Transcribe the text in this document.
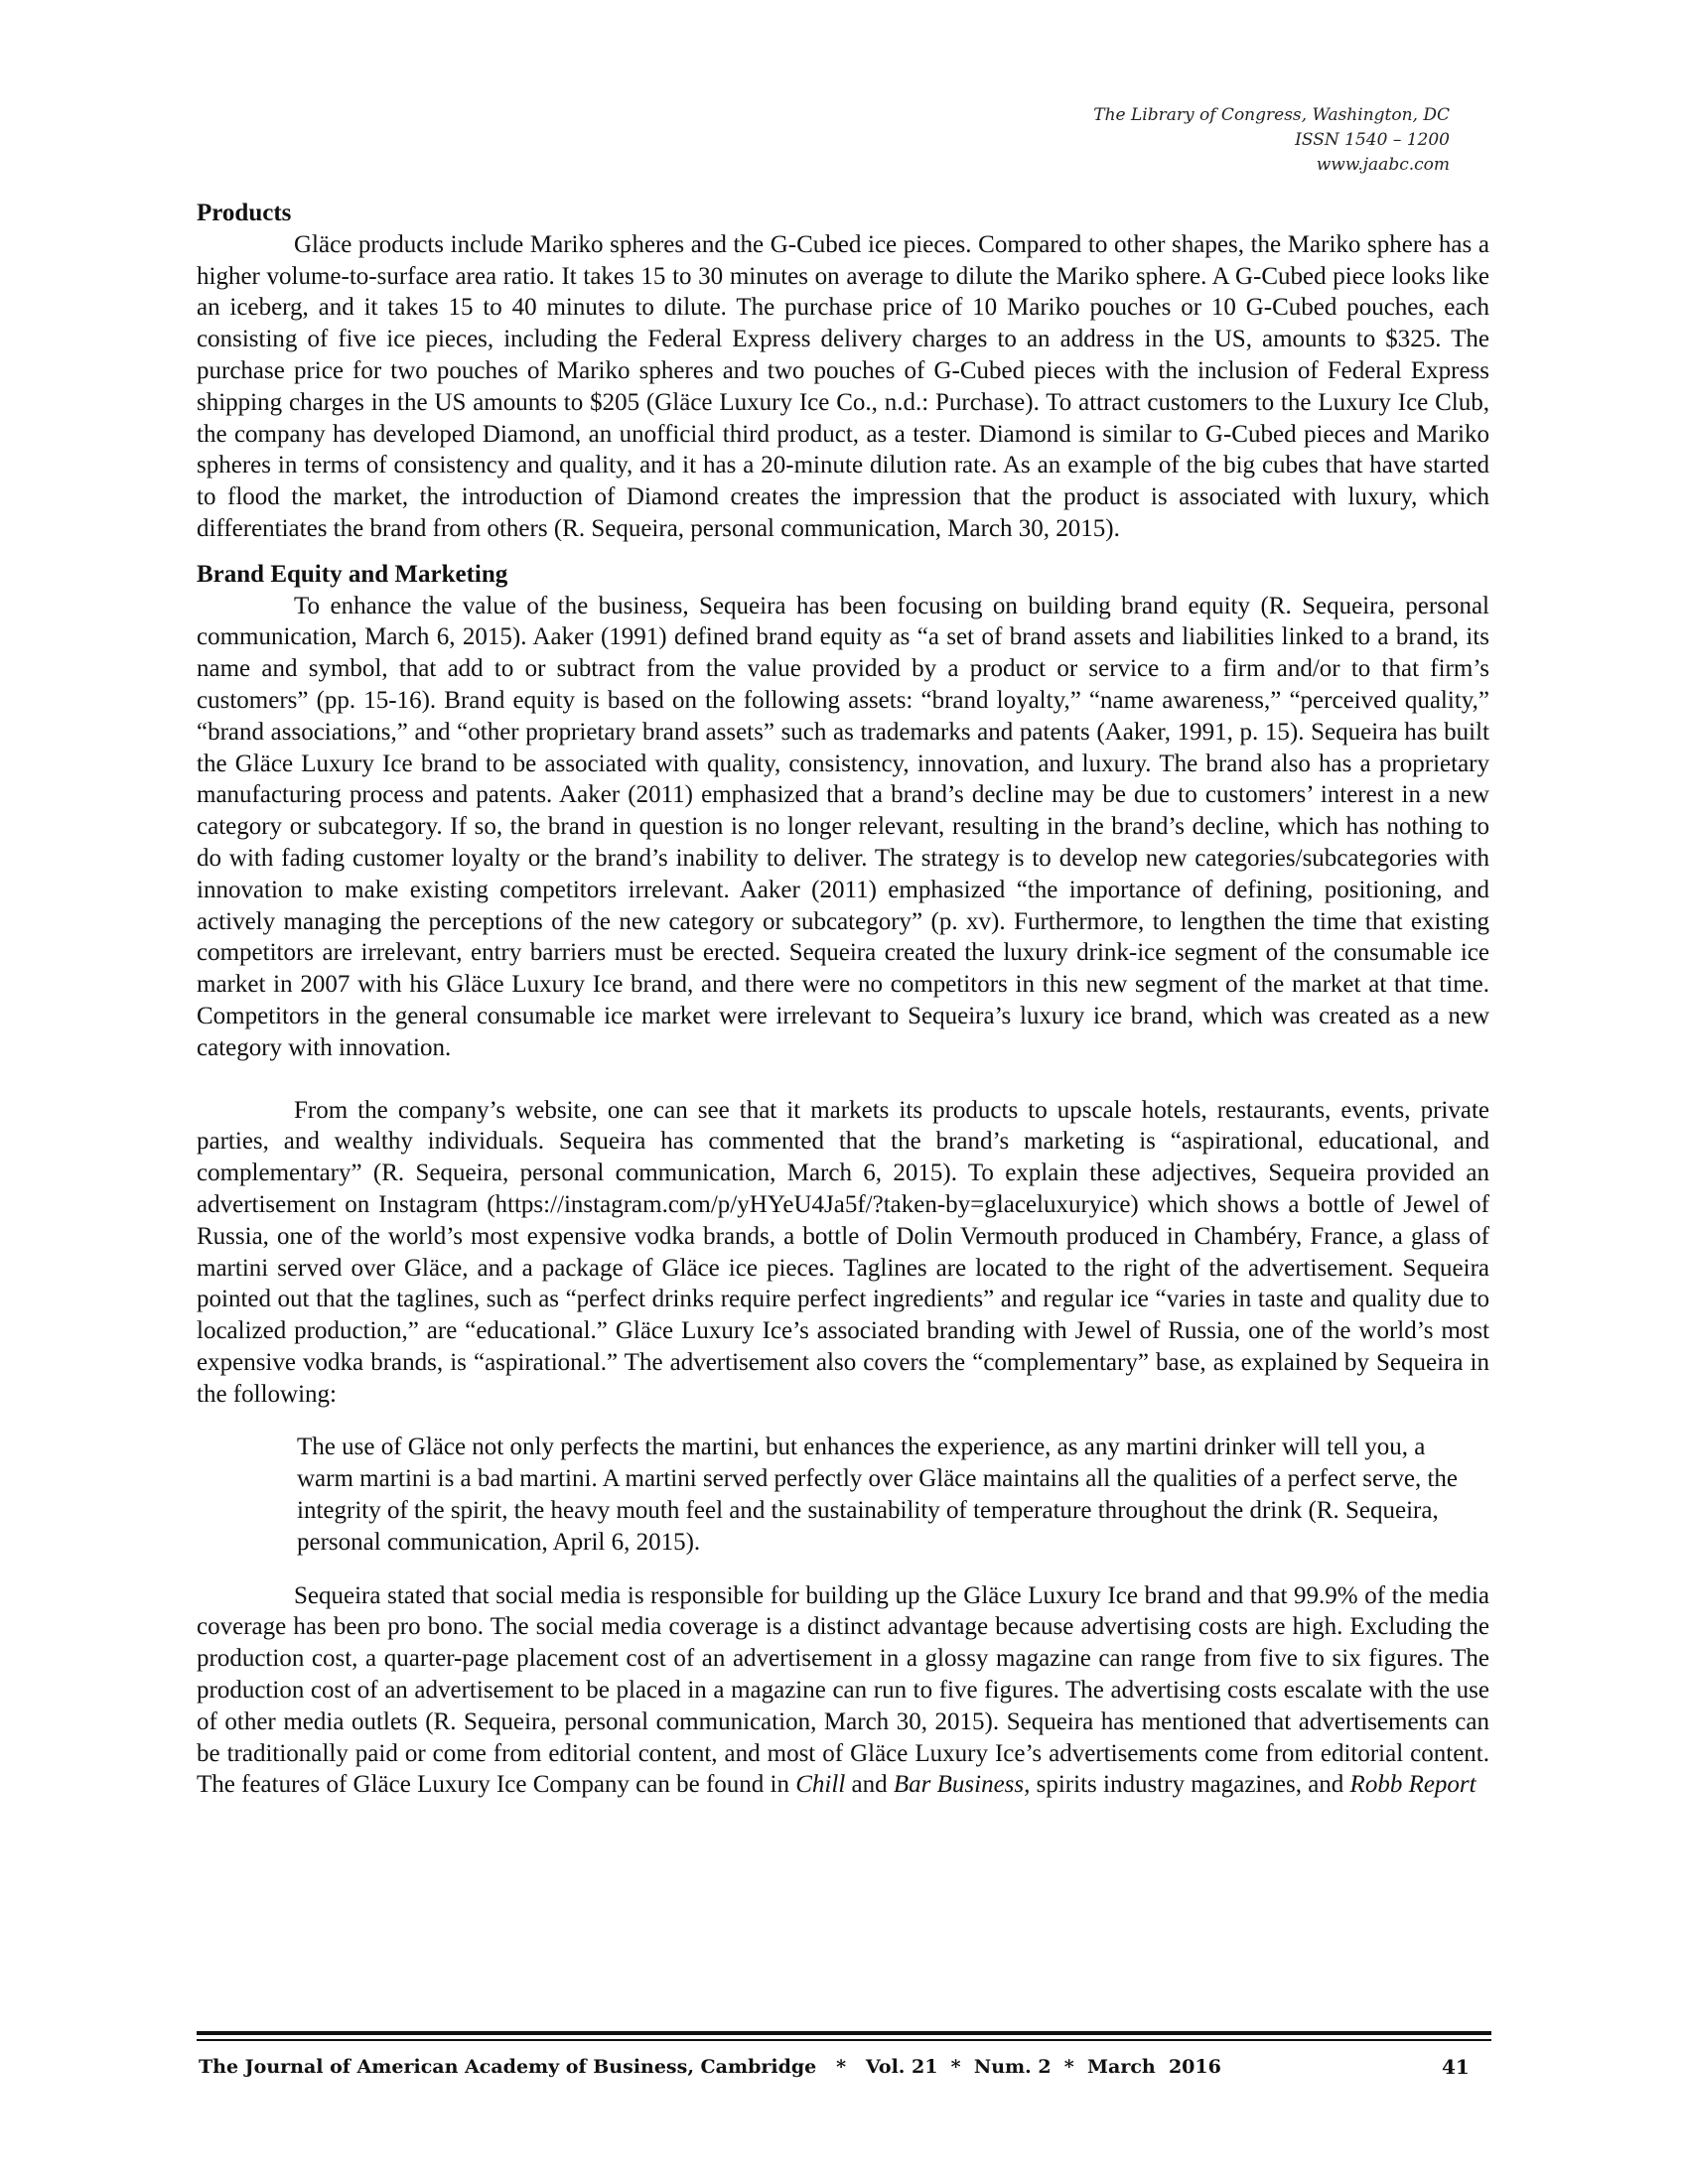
The Library of Congress, Washington, DC
ISSN 1540 – 1200
www.jaabc.com
Products

Gläce products include Mariko spheres and the G-Cubed ice pieces. Compared to other shapes, the Mariko sphere has a higher volume-to-surface area ratio. It takes 15 to 30 minutes on average to dilute the Mariko sphere. A G-Cubed piece looks like an iceberg, and it takes 15 to 40 minutes to dilute. The purchase price of 10 Mariko pouches or 10 G-Cubed pouches, each consisting of five ice pieces, including the Federal Express delivery charges to an address in the US, amounts to $325. The purchase price for two pouches of Mariko spheres and two pouches of G-Cubed pieces with the inclusion of Federal Express shipping charges in the US amounts to $205 (Gläce Luxury Ice Co., n.d.: Purchase). To attract customers to the Luxury Ice Club, the company has developed Diamond, an unofficial third product, as a tester. Diamond is similar to G-Cubed pieces and Mariko spheres in terms of consistency and quality, and it has a 20-minute dilution rate. As an example of the big cubes that have started to flood the market, the introduction of Diamond creates the impression that the product is associated with luxury, which differentiates the brand from others (R. Sequeira, personal communication, March 30, 2015).

Brand Equity and Marketing

To enhance the value of the business, Sequeira has been focusing on building brand equity (R. Sequeira, personal communication, March 6, 2015). Aaker (1991) defined brand equity as “a set of brand assets and liabilities linked to a brand, its name and symbol, that add to or subtract from the value provided by a product or service to a firm and/or to that firm’s customers” (pp. 15-16). Brand equity is based on the following assets: “brand loyalty,” “name awareness,” “perceived quality,” “brand associations,” and “other proprietary brand assets” such as trademarks and patents (Aaker, 1991, p. 15). Sequeira has built the Gläce Luxury Ice brand to be associated with quality, consistency, innovation, and luxury. The brand also has a proprietary manufacturing process and patents. Aaker (2011) emphasized that a brand’s decline may be due to customers’ interest in a new category or subcategory. If so, the brand in question is no longer relevant, resulting in the brand’s decline, which has nothing to do with fading customer loyalty or the brand’s inability to deliver. The strategy is to develop new categories/subcategories with innovation to make existing competitors irrelevant. Aaker (2011) emphasized “the importance of defining, positioning, and actively managing the perceptions of the new category or subcategory” (p. xv). Furthermore, to lengthen the time that existing competitors are irrelevant, entry barriers must be erected. Sequeira created the luxury drink-ice segment of the consumable ice market in 2007 with his Gläce Luxury Ice brand, and there were no competitors in this new segment of the market at that time. Competitors in the general consumable ice market were irrelevant to Sequeira’s luxury ice brand, which was created as a new category with innovation.

From the company’s website, one can see that it markets its products to upscale hotels, restaurants, events, private parties, and wealthy individuals. Sequeira has commented that the brand’s marketing is “aspirational, educational, and complementary” (R. Sequeira, personal communication, March 6, 2015). To explain these adjectives, Sequeira provided an advertisement on Instagram (https://instagram.com/p/yHYeU4Ja5f/?taken-by=glaceluxuryice) which shows a bottle of Jewel of Russia, one of the world’s most expensive vodka brands, a bottle of Dolin Vermouth produced in Chambéry, France, a glass of martini served over Gläce, and a package of Gläce ice pieces. Taglines are located to the right of the advertisement. Sequeira pointed out that the taglines, such as “perfect drinks require perfect ingredients” and regular ice “varies in taste and quality due to localized production,” are “educational.” Gläce Luxury Ice’s associated branding with Jewel of Russia, one of the world’s most expensive vodka brands, is “aspirational.” The advertisement also covers the “complementary” base, as explained by Sequeira in the following:

The use of Gläce not only perfects the martini, but enhances the experience, as any martini drinker will tell you, a warm martini is a bad martini. A martini served perfectly over Gläce maintains all the qualities of a perfect serve, the integrity of the spirit, the heavy mouth feel and the sustainability of temperature throughout the drink (R. Sequeira, personal communication, April 6, 2015).

Sequeira stated that social media is responsible for building up the Gläce Luxury Ice brand and that 99.9% of the media coverage has been pro bono. The social media coverage is a distinct advantage because advertising costs are high. Excluding the production cost, a quarter-page placement cost of an advertisement in a glossy magazine can range from five to six figures. The production cost of an advertisement to be placed in a magazine can run to five figures. The advertising costs escalate with the use of other media outlets (R. Sequeira, personal communication, March 30, 2015). Sequeira has mentioned that advertisements can be traditionally paid or come from editorial content, and most of Gläce Luxury Ice’s advertisements come from editorial content. The features of Gläce Luxury Ice Company can be found in Chill and Bar Business, spirits industry magazines, and Robb Report

The Journal of American Academy of Business, Cambridge   *   Vol. 21  *  Num. 2  *  March  2016	41
